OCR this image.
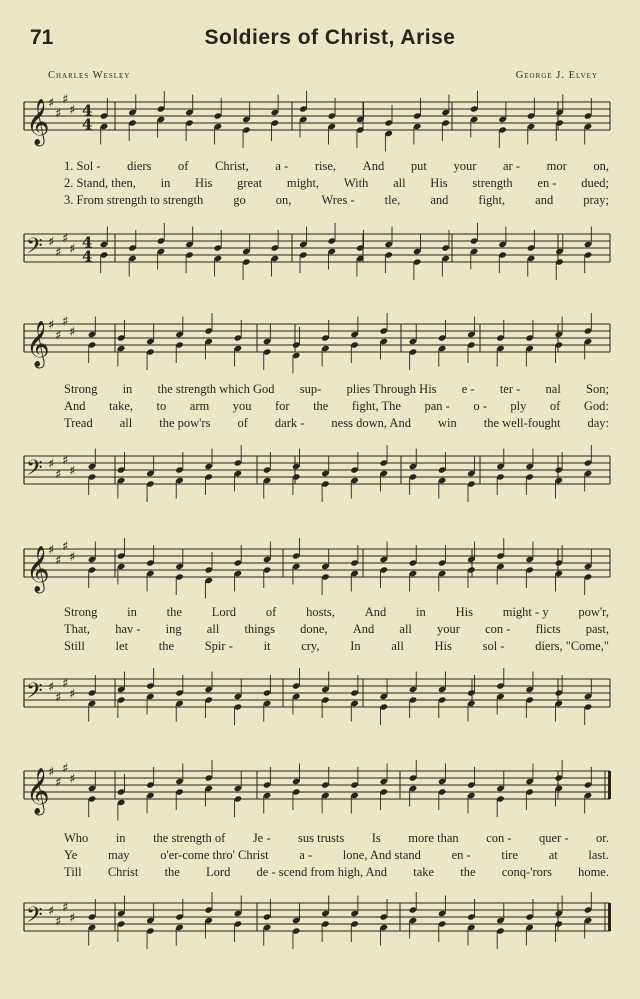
71	Soldiers of Christ, Arise
Charles Wesley	George J. Elvey
𝄞
♯
♯
♯
♯ 4
4
1. Sol - diers of Christ, a - rise, And put your ar - mor on,
2. Stand, then, in His great might, With all His strength en - dued;
3. From strength to strength go on, Wres - tle, and fight, and pray;
𝄢 ♯
♯
♯
♯ 4
4
𝄞
♯
♯
♯
♯
Strong in the strength which God sup- plies Through His e - ter - nal Son;
And take, to arm you for the fight, The pan - o - ply of God:
Tread all the pow'rs of dark - ness down, And win the well-fought day:
𝄢 ♯
♯
♯
♯
𝄞
♯
♯
♯
♯
Strong in the Lord of hosts, And in His might - y pow'r,
That, hav - ing all things done, And all your con - flicts past,
Still let the Spir - it cry, In all His sol - diers, "Come,"
𝄢 ♯
♯
♯
♯
𝄞
♯
♯
♯
♯
Who in the strength of Je - sus trusts Is more than con - quer - or.
Ye may o'er-come thro' Christ a - lone, And stand en - tire at last.
Till Christ the Lord de - scend from high, And take the conq-'rors home.
𝄢 ♯
♯
♯
♯
